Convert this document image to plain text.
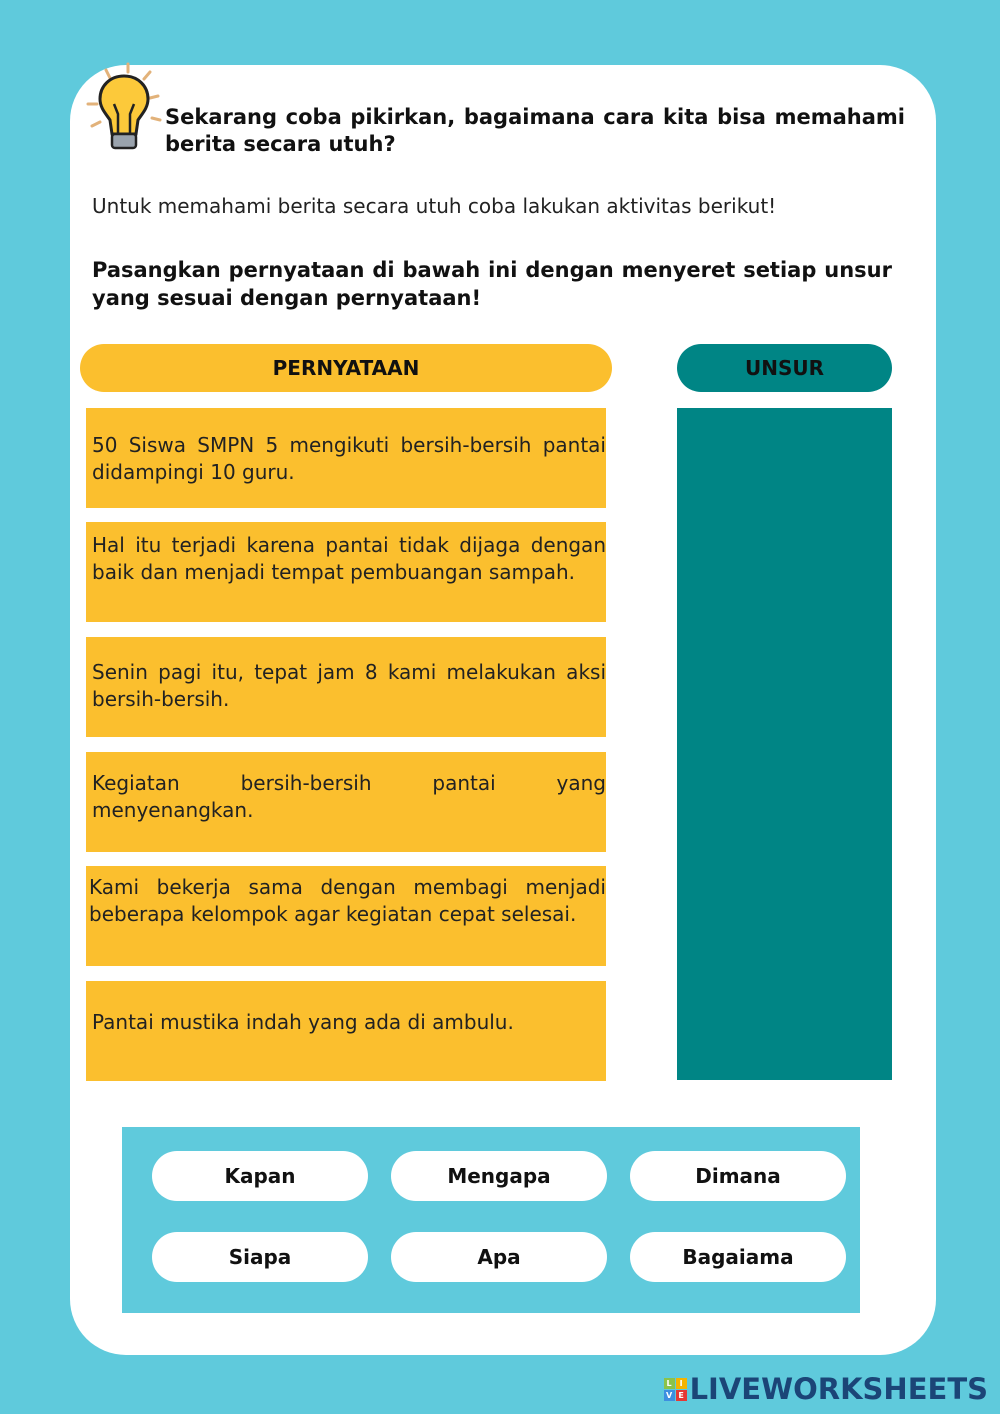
Sekarang coba pikirkan, bagaimana cara kita bisa memahami berita secara utuh?
Untuk memahami berita secara utuh coba lakukan aktivitas berikut!
Pasangkan pernyataan di bawah ini dengan menyeret setiap unsur yang sesuai dengan pernyataan!
PERNYATAAN	UNSUR
50 Siswa SMPN 5 mengikuti bersih-bersih pantai didampingi 10 guru.
Hal itu terjadi karena pantai tidak dijaga dengan baik dan menjadi tempat pembuangan sampah.
Senin pagi itu, tepat jam 8 kami melakukan aksi bersih-bersih.
Kegiatan bersih-bersih pantai yang menyenangkan.
Kami bekerja sama dengan membagi menjadi beberapa kelompok agar kegiatan cepat selesai.
Pantai mustika indah yang ada di ambulu.
Kapan	Mengapa	Dimana
Siapa	Apa	Bagaiama
L I
V E LIVEWORKSHEETS
